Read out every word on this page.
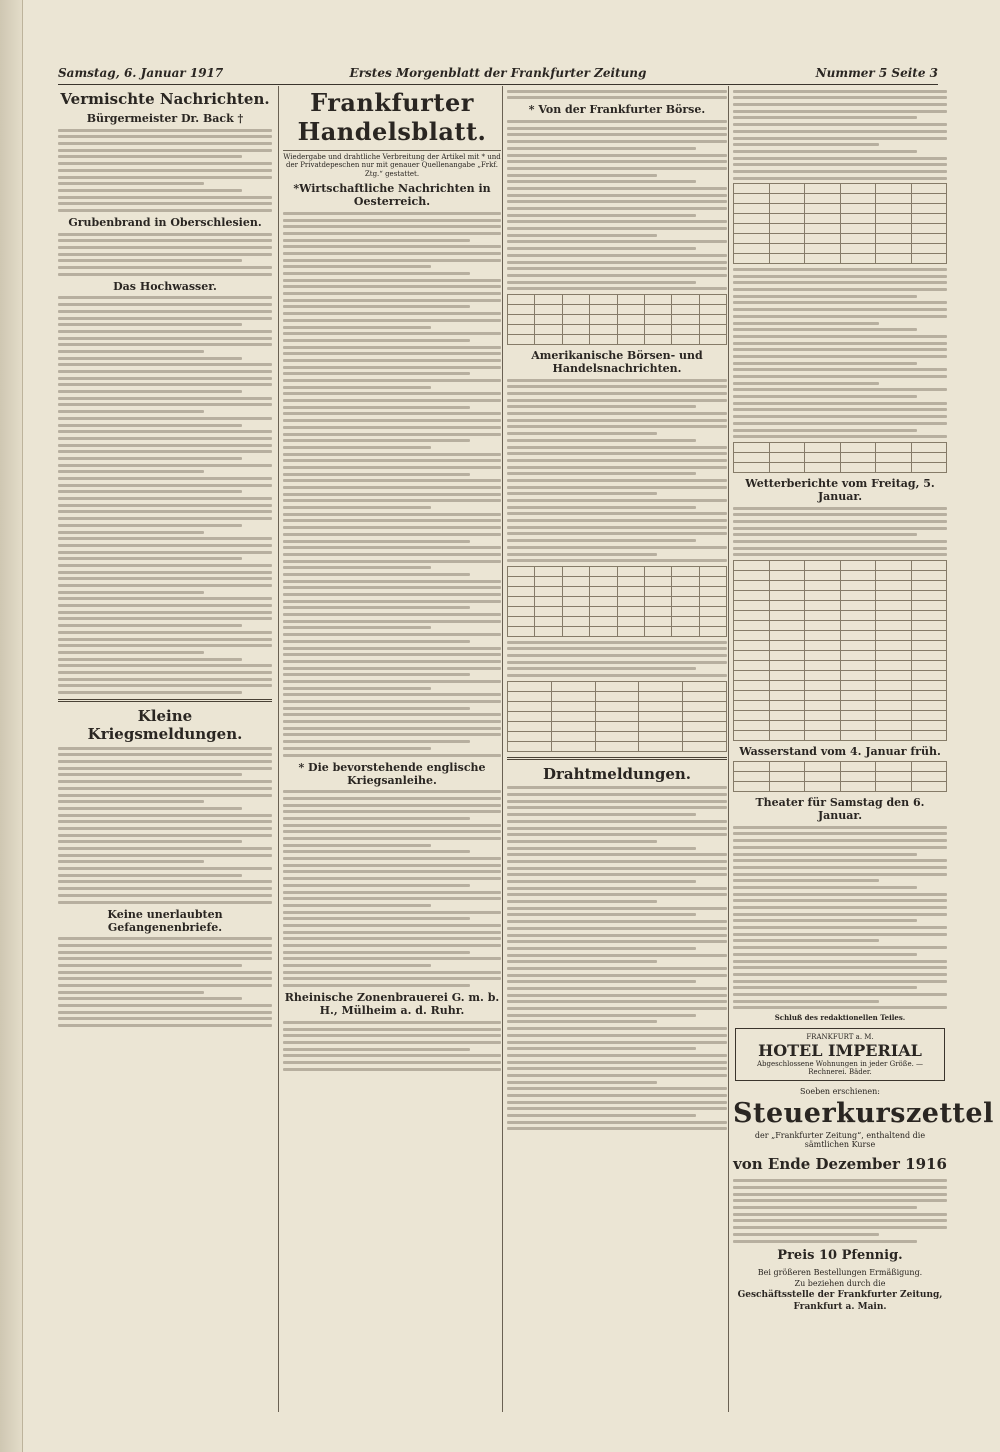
Samstag, 6. Januar 1917	Erstes Morgenblatt der Frankfurter Zeitung	Nummer 5 Seite 3
Vermischte Nachrichten.
Bürgermeister Dr. Back †
Grubenbrand in Oberschlesien.
Das Hochwasser.
Kleine Kriegsmeldungen.
Keine unerlaubten Gefangenenbriefe.
Frankfurter Handelsblatt.
Wiedergabe und drahtliche Verbreitung der Artikel mit * und der Privatdepeschen nur mit genauer Quellenangabe „Frkf. Ztg.“ gestattet.
*Wirtschaftliche Nachrichten in Oesterreich.
* Die bevorstehende englische Kriegsanleihe.
Rheinische Zonenbrauerei G. m. b. H., Mülheim a. d. Ruhr.
* Von der Frankfurter Börse.

Amerikanische Börsen- und Handelsnachrichten.

Drahtmeldungen.

Wetterberichte vom Freitag, 5. Januar.

Wasserstand vom 4. Januar früh.

Theater für Samstag den 6. Januar.
Schluß des redaktionellen Teiles.
FRANKFURT a. M.
HOTEL IMPERIAL
Abgeschlossene Wohnungen in jeder Größe. — Rechnerei. Bäder.
Soeben erschienen:
Steuerkurszettel
der „Frankfurter Zeitung“, enthaltend die sämtlichen Kurse
von Ende Dezember 1916
Preis 10 Pfennig.
Bei größeren Bestellungen Ermäßigung.
Zu beziehen durch die
Geschäftsstelle der Frankfurter Zeitung,
Frankfurt a. Main.
